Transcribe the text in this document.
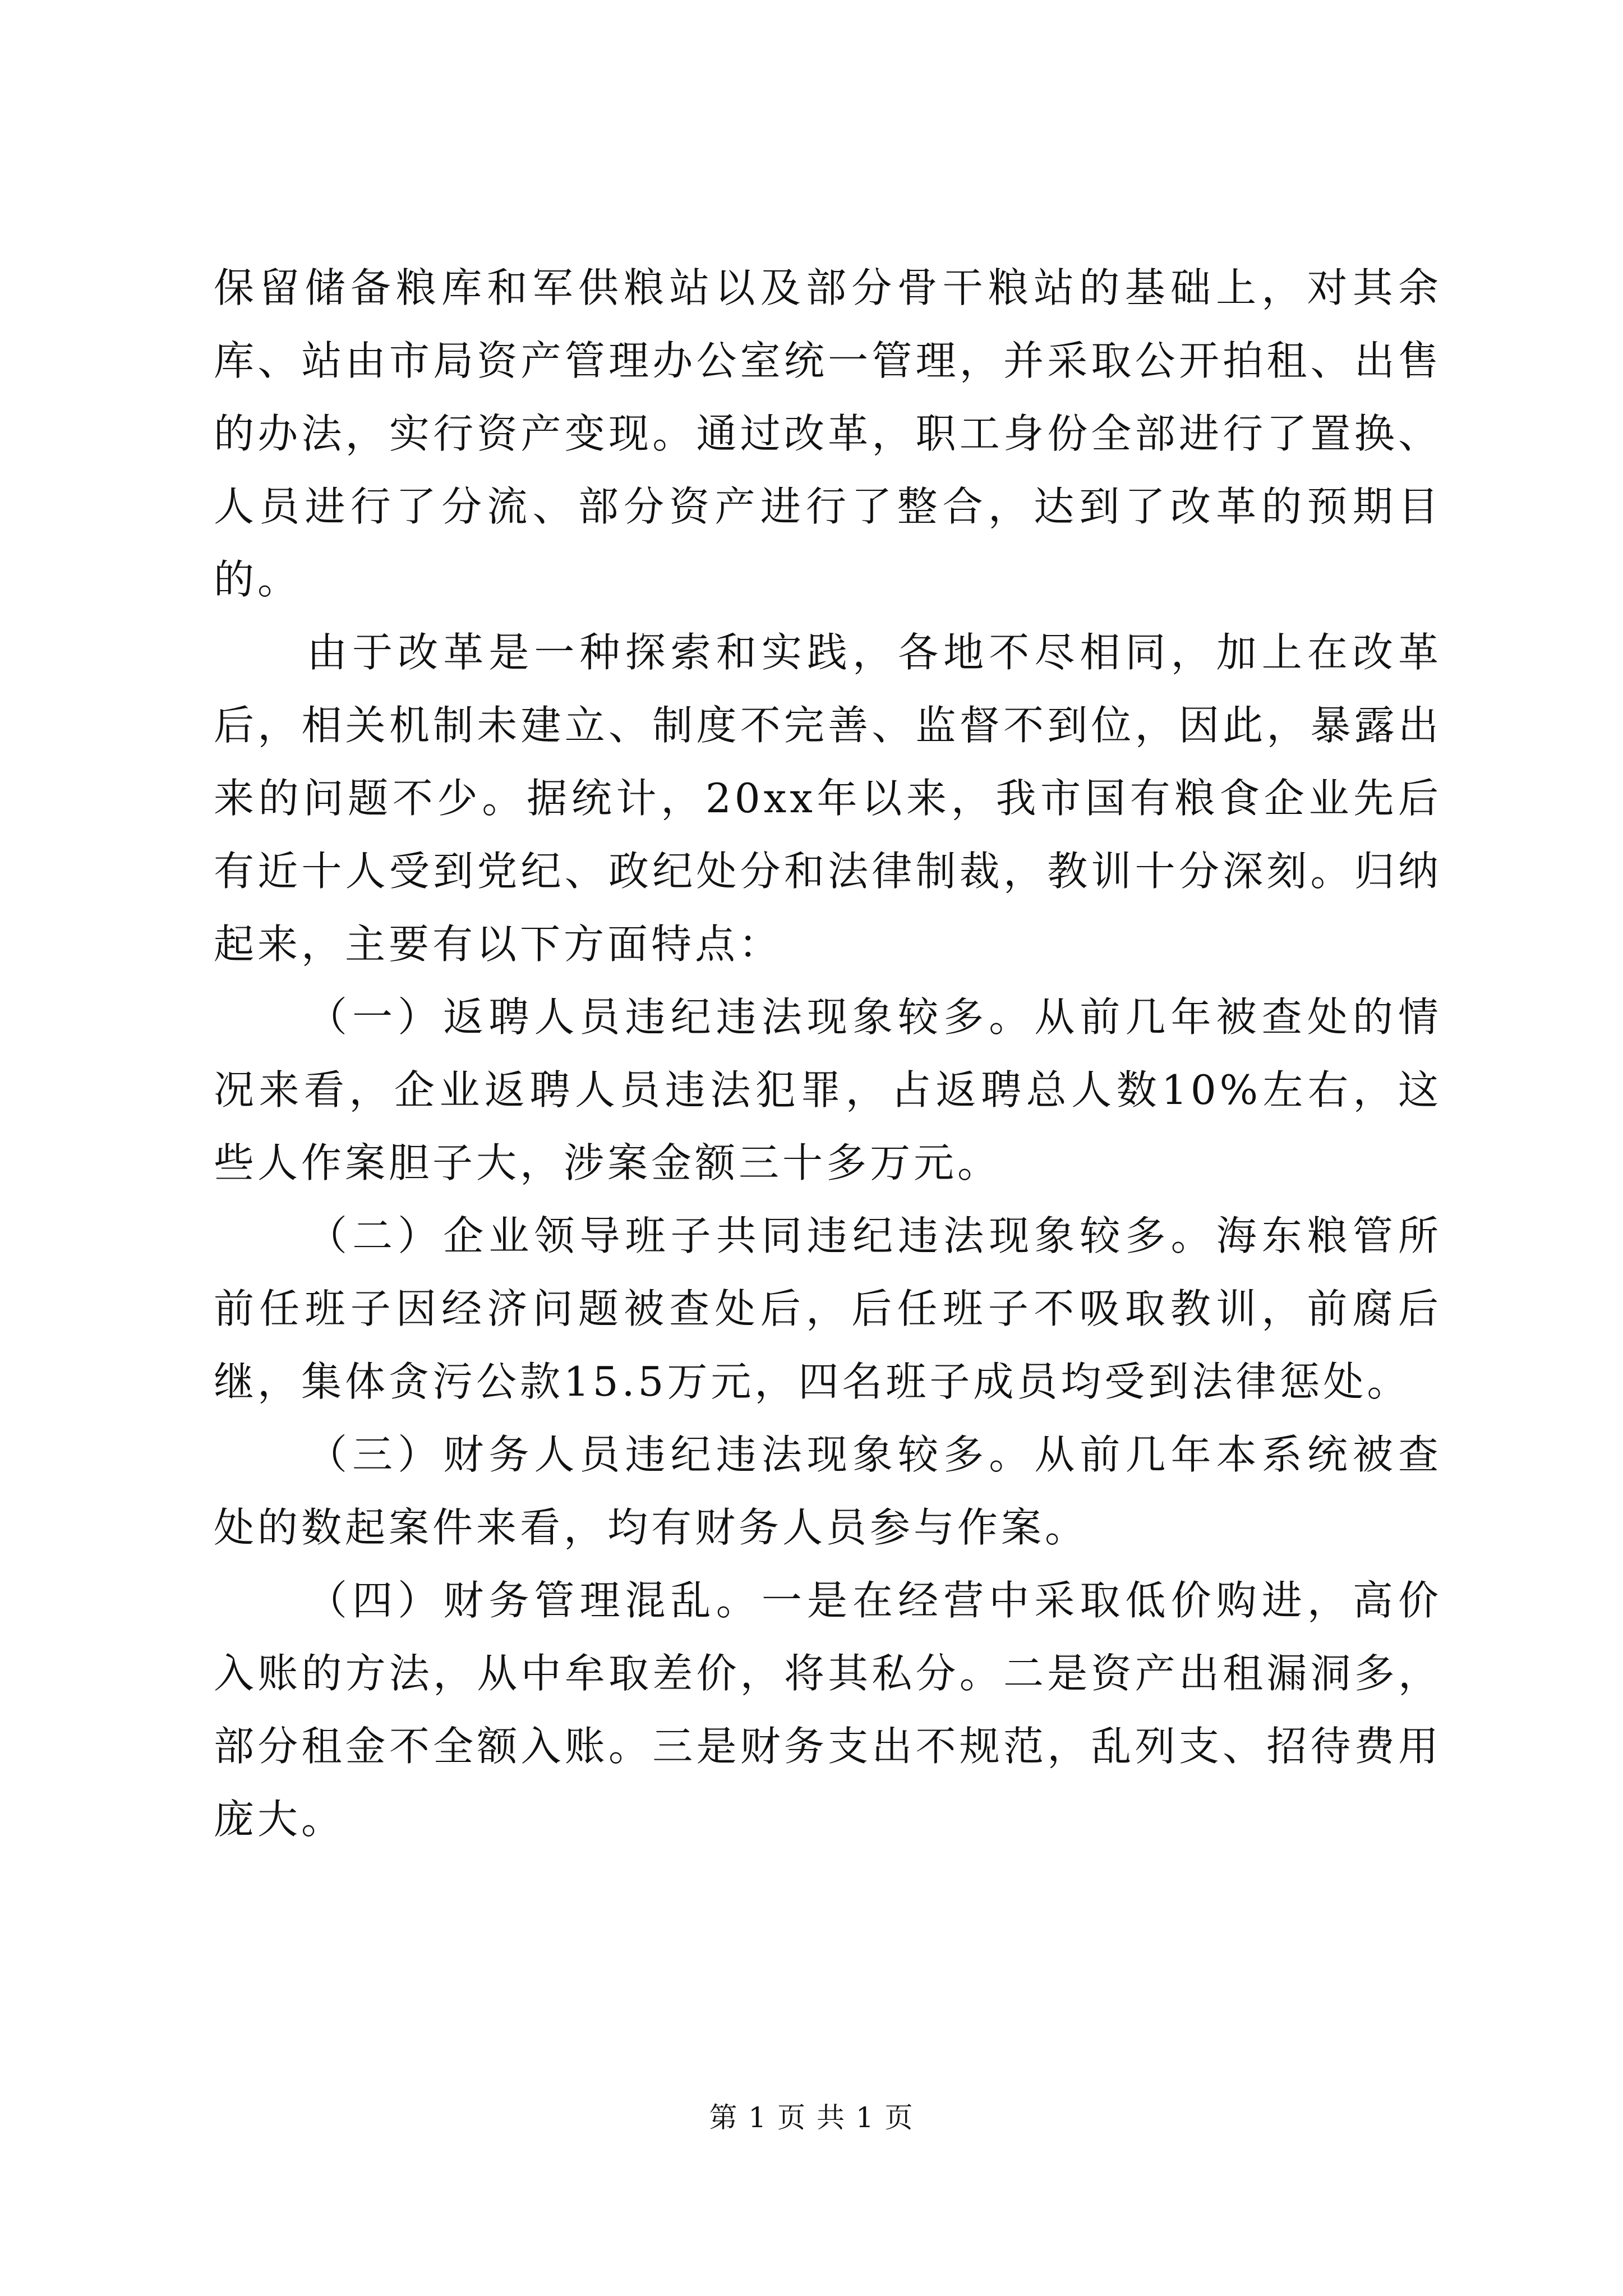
保留储备粮库和军供粮站以及部分骨干粮站的基础上，对其余库、站由市局资产管理办公室统一管理，并采取公开拍租、出售的办法，实行资产变现。通过改革，职工身份全部进行了置换、人员进行了分流、部分资产进行了整合，达到了改革的预期目的。

由于改革是一种探索和实践，各地不尽相同，加上在改革后，相关机制未建立、制度不完善、监督不到位，因此，暴露出来的问题不少。据统计，20xx年以来，我市国有粮食企业先后有近十人受到党纪、政纪处分和法律制裁，教训十分深刻。归纳起来，主要有以下方面特点：

（一）返聘人员违纪违法现象较多。从前几年被查处的情况来看，企业返聘人员违法犯罪，占返聘总人数10%左右，这些人作案胆子大，涉案金额三十多万元。

（二）企业领导班子共同违纪违法现象较多。海东粮管所前任班子因经济问题被查处后，后任班子不吸取教训，前腐后继，集体贪污公款15.5万元，四名班子成员均受到法律惩处。

（三）财务人员违纪违法现象较多。从前几年本系统被查处的数起案件来看，均有财务人员参与作案。

（四）财务管理混乱。一是在经营中采取低价购进，高价入账的方法，从中牟取差价，将其私分。二是资产出租漏洞多，部分租金不全额入账。三是财务支出不规范，乱列支、招待费用庞大。

第 1 页 共 1 页
